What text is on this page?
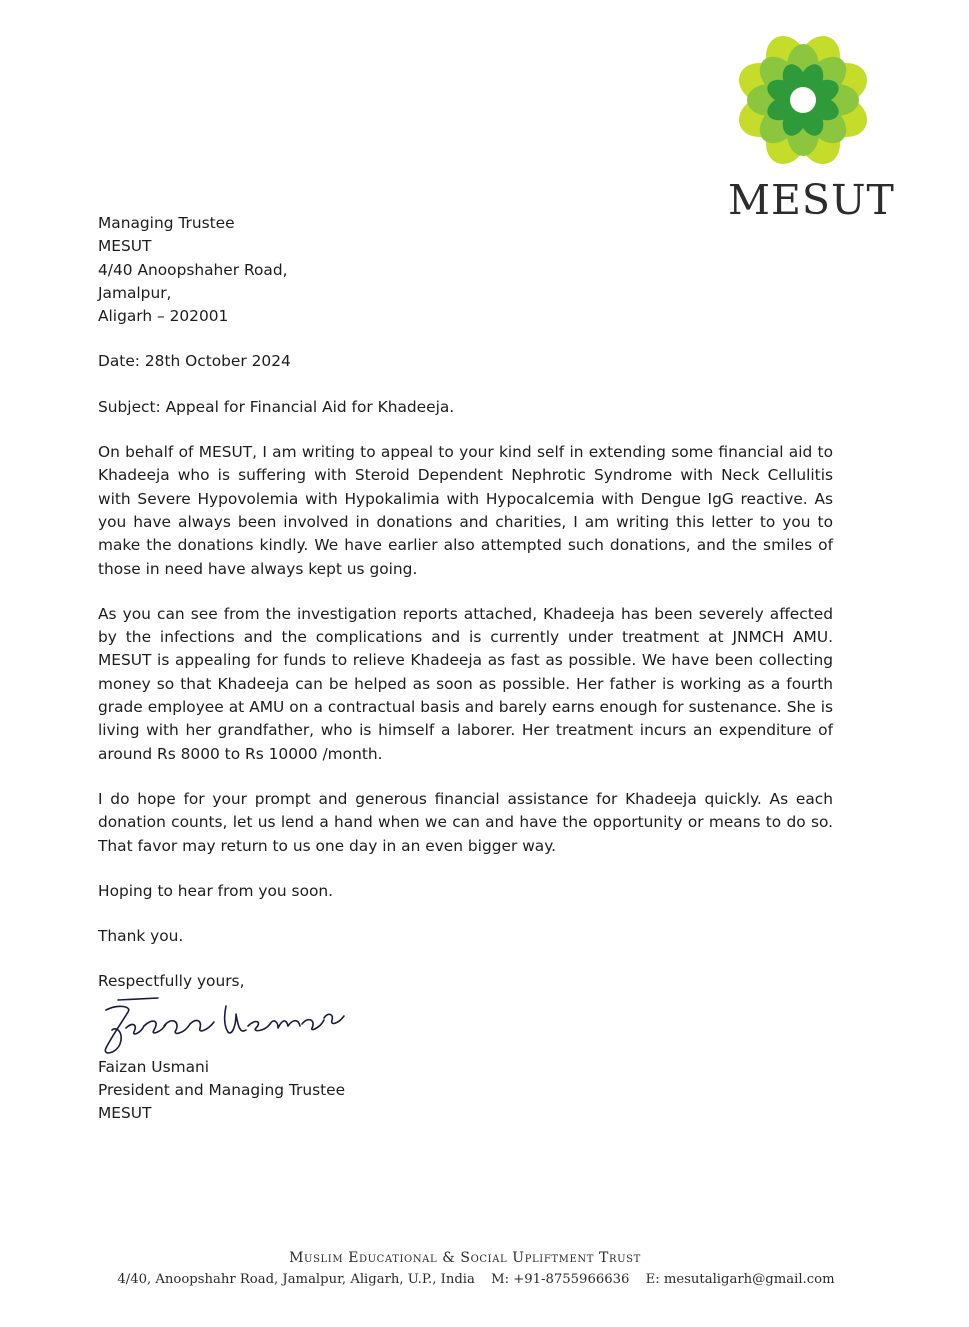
MESUT

Managing Trustee
MESUT
4/40 Anoopshaher Road,
Jamalpur,
Aligarh – 202001

Date: 28th October 2024

Subject: Appeal for Financial Aid for Khadeeja.

On behalf of MESUT, I am writing to appeal to your kind self in extending some financial aid to Khadeeja who is suffering with Steroid Dependent Nephrotic Syndrome with Neck Cellulitis with Severe Hypovolemia with Hypokalimia with Hypocalcemia with Dengue IgG reactive. As you have always been involved in donations and charities, I am writing this letter to you to make the donations kindly. We have earlier also attempted such donations, and the smiles of those in need have always kept us going.

As you can see from the investigation reports attached, Khadeeja has been severely affected by the infections and the complications and is currently under treatment at JNMCH AMU. MESUT is appealing for funds to relieve Khadeeja as fast as possible. We have been collecting money so that Khadeeja can be helped as soon as possible. Her father is working as a fourth grade employee at AMU on a contractual basis and barely earns enough for sustenance. She is living with her grandfather, who is himself a laborer. Her treatment incurs an expenditure of around Rs 8000 to Rs 10000 /month.

I do hope for your prompt and generous financial assistance for Khadeeja quickly. As each donation counts, let us lend a hand when we can and have the opportunity or means to do so. That favor may return to us one day in an even bigger way.

Hoping to hear from you soon.

Thank you.

Respectfully yours,

Faizan Usmani
President and Managing Trustee
MESUT

Muslim Educational & Social Upliftment Trust
4/40, Anoopshahr Road, Jamalpur, Aligarh, U.P., India M: +91-8755966636 E: mesutaligarh@gmail.com
